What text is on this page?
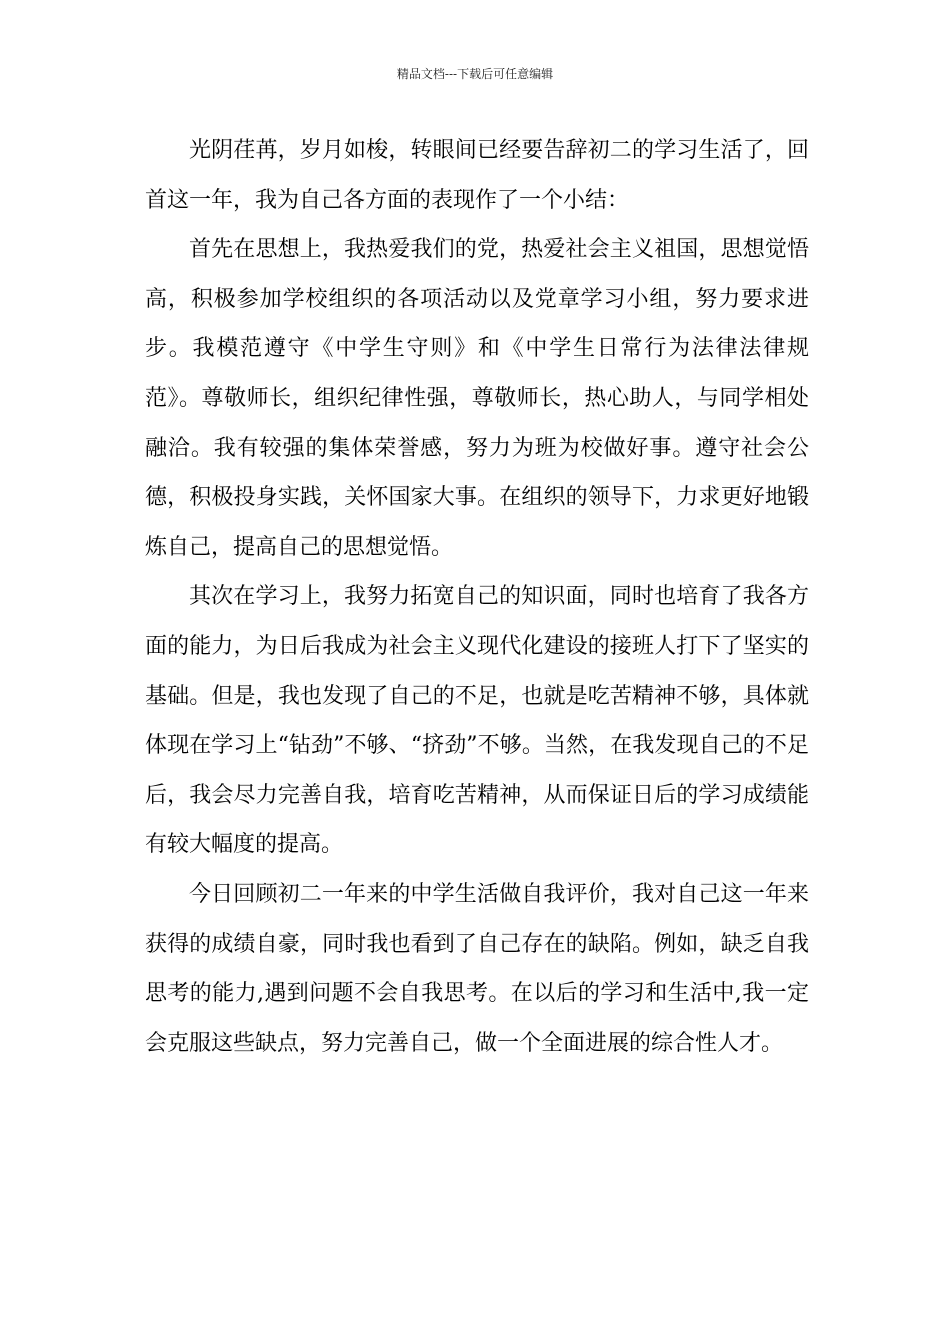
精品文档---下载后可任意编辑

光阴荏苒，岁月如梭，转眼间已经要告辞初二的学习生活了，回首这一年，我为自己各方面的表现作了一个小结：

首先在思想上，我热爱我们的党，热爱社会主义祖国，思想觉悟高，积极参加学校组织的各项活动以及党章学习小组，努力要求进步。我模范遵守《中学生守则》和《中学生日常行为法律法律规范》。尊敬师长，组织纪律性强，尊敬师长，热心助人，与同学相处融洽。我有较强的集体荣誉感，努力为班为校做好事。遵守社会公德，积极投身实践，关怀国家大事。在组织的领导下，力求更好地锻炼自己，提高自己的思想觉悟。

其次在学习上，我努力拓宽自己的知识面，同时也培育了我各方面的能力，为日后我成为社会主义现代化建设的接班人打下了坚实的基础。但是，我也发现了自己的不足，也就是吃苦精神不够，具体就体现在学习上“钻劲”不够、“挤劲”不够。当然，在我发现自己的不足后，我会尽力完善自我，培育吃苦精神，从而保证日后的学习成绩能有较大幅度的提高。

今日回顾初二一年来的中学生活做自我评价，我对自己这一年来获得的成绩自豪，同时我也看到了自己存在的缺陷。例如，缺乏自我思考的能力,遇到问题不会自我思考。在以后的学习和生活中,我一定会克服这些缺点，努力完善自己，做一个全面进展的综合性人才。
